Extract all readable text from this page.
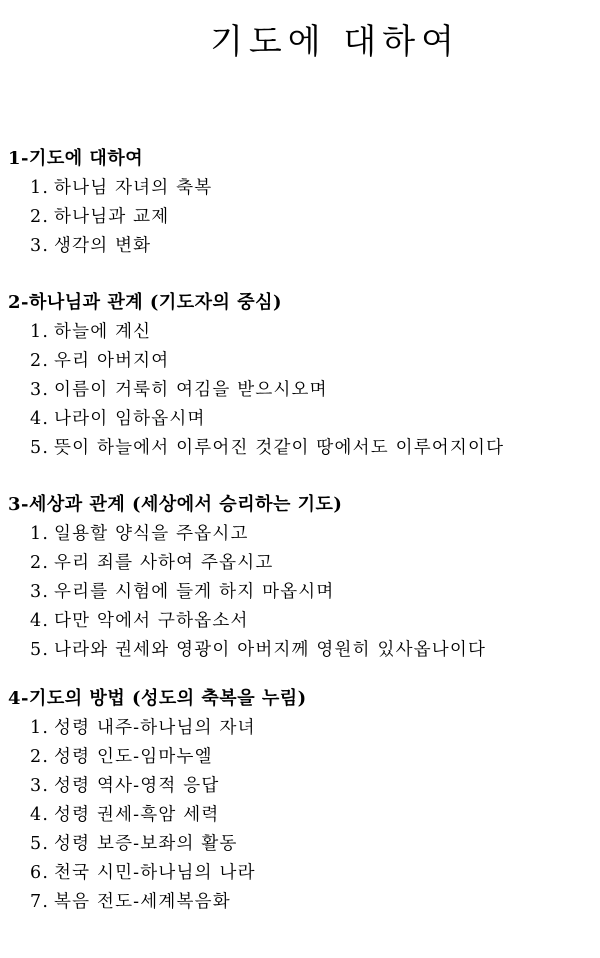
기도에 대하여
1-기도에 대하여
1. 하나님 자녀의 축복
2. 하나님과 교제
3. 생각의 변화
2-하나님과 관계 (기도자의 중심)
1. 하늘에 계신
2. 우리 아버지여
3. 이름이 거룩히 여김을 받으시오며
4. 나라이 임하옵시며
5. 뜻이 하늘에서 이루어진 것같이 땅에서도 이루어지이다
3-세상과 관계 (세상에서 승리하는 기도)
1. 일용할 양식을 주옵시고
2. 우리 죄를 사하여 주옵시고
3. 우리를 시험에 들게 하지 마옵시며
4. 다만 악에서 구하옵소서
5. 나라와 권세와 영광이 아버지께 영원히 있사옵나이다
4-기도의 방법 (성도의 축복을 누림)
1. 성령 내주-하나님의 자녀
2. 성령 인도-임마누엘
3. 성령 역사-영적 응답
4. 성령 권세-흑암 세력
5. 성령 보증-보좌의 활동
6. 천국 시민-하나님의 나라
7. 복음 전도-세계복음화
